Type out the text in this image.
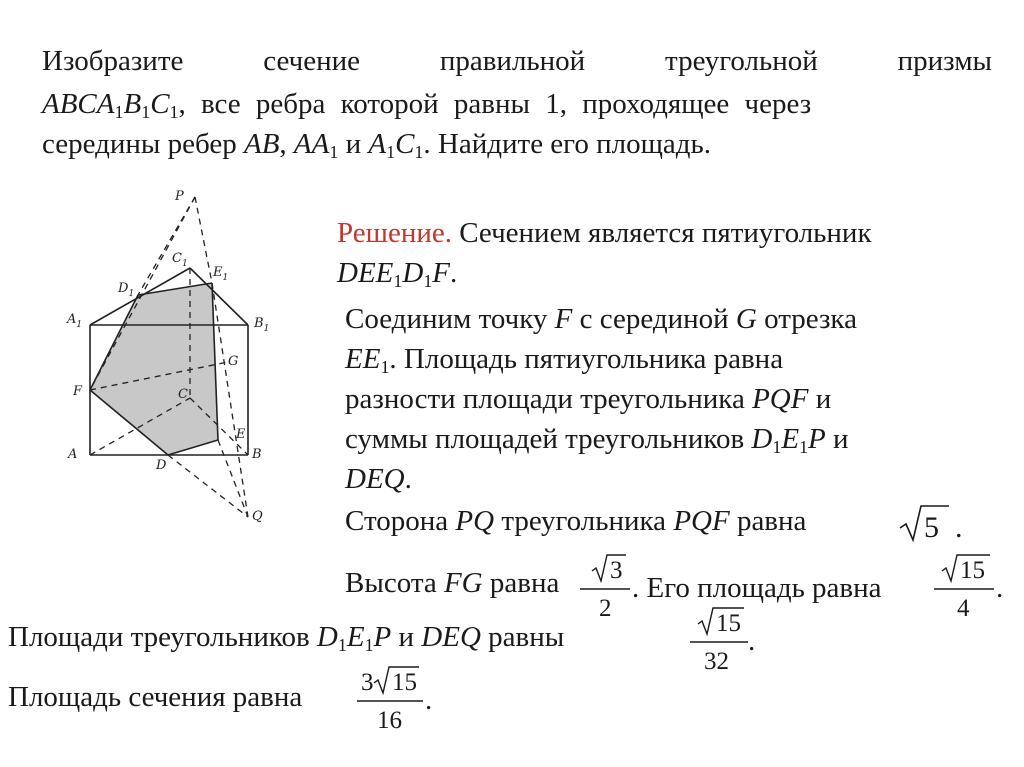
Изобразите	сечение	правильной	треугольной	призмы
$ABCA_1B_1C_1$, все ребра которой равны 1, проходящее через
середины ребер AB, $AA_1$ и $A_1C_1$. Найдите его площадь.
P
$C_1$
$D_1$
$E_1$
$A_1$	$B_1$
G
F	C
E
A
D
B
Q
Решение. Сечением является пятиугольник
$DEE_1D_1F$.
Соединим точку F с серединой G отрезка
$EE_1$. Площадь пятиугольника равна
разности площади треугольника PQF и
суммы площадей треугольников $D_1E_1P$ и
DEQ.
Сторона PQ треугольника PQF равна	5 .
Высота FG равна 3
2
. Его площадь равна
15
4
.
Площади треугольников $D_1E_1P$ и DEQ равны	15
32
.
Площадь сечения равна 3 15
16
.
